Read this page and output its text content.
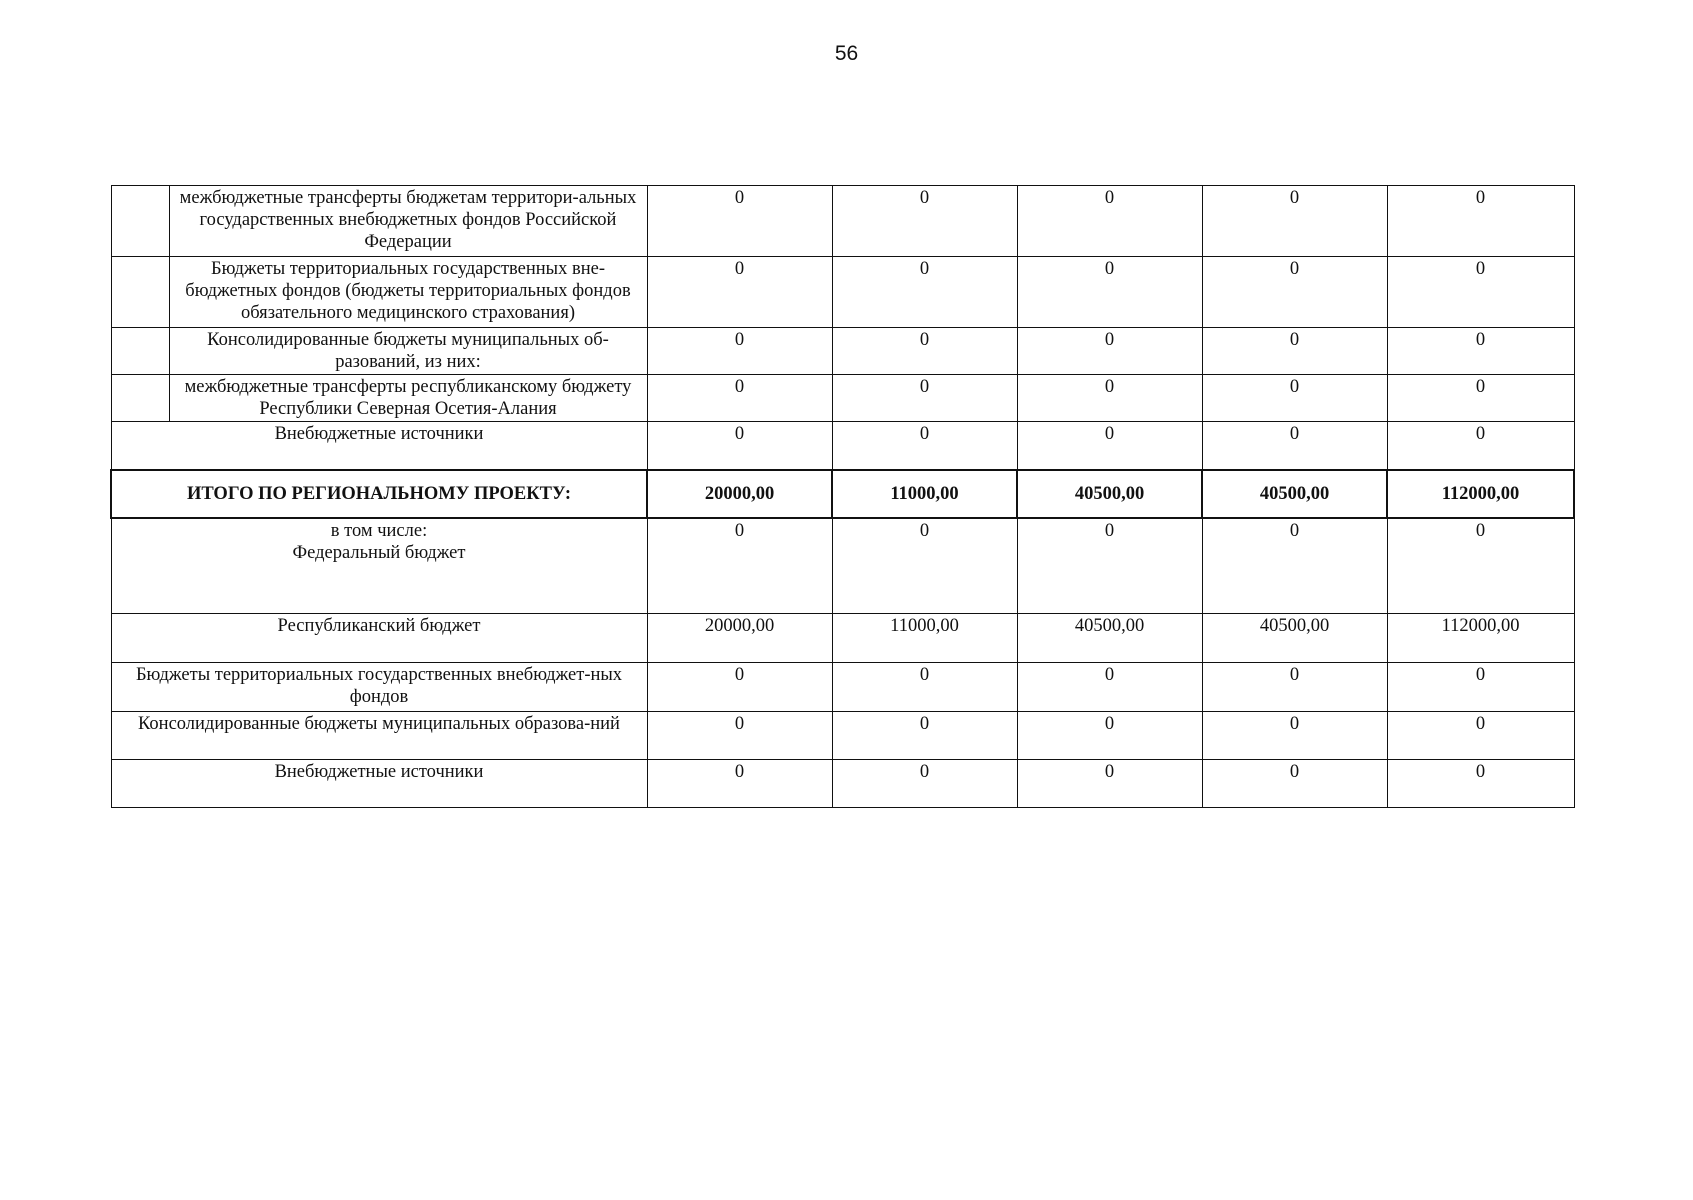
56
	межбюджетные трансферты бюджетам территори-альных государственных внебюджетных фондов Российской Федерации	0	0	0	0	0
	Бюджеты территориальных государственных вне-бюджетных фондов (бюджеты территориальных фондов обязательного медицинского страхования)	0	0	0	0	0
	Консолидированные бюджеты муниципальных об-разований, из них:	0	0	0	0	0
	межбюджетные трансферты республиканскому бюджету Республики Северная Осетия-Алания	0	0	0	0	0
Внебюджетные источники		0	0	0	0	0
ИТОГО ПО РЕГИОНАЛЬНОМУ ПРОЕКТУ:		20000,00	11000,00	40500,00	40500,00	112000,00

в том числе:
Федеральный бюджет		0	0	0	0	0
Республиканский бюджет		20000,00	11000,00	40500,00	40500,00	112000,00
Бюджеты территориальных государственных внебюджет-ных фондов		0	0	0	0	0
Консолидированные бюджеты муниципальных образова-ний		0	0	0	0	0
Внебюджетные источники		0	0	0	0	0
